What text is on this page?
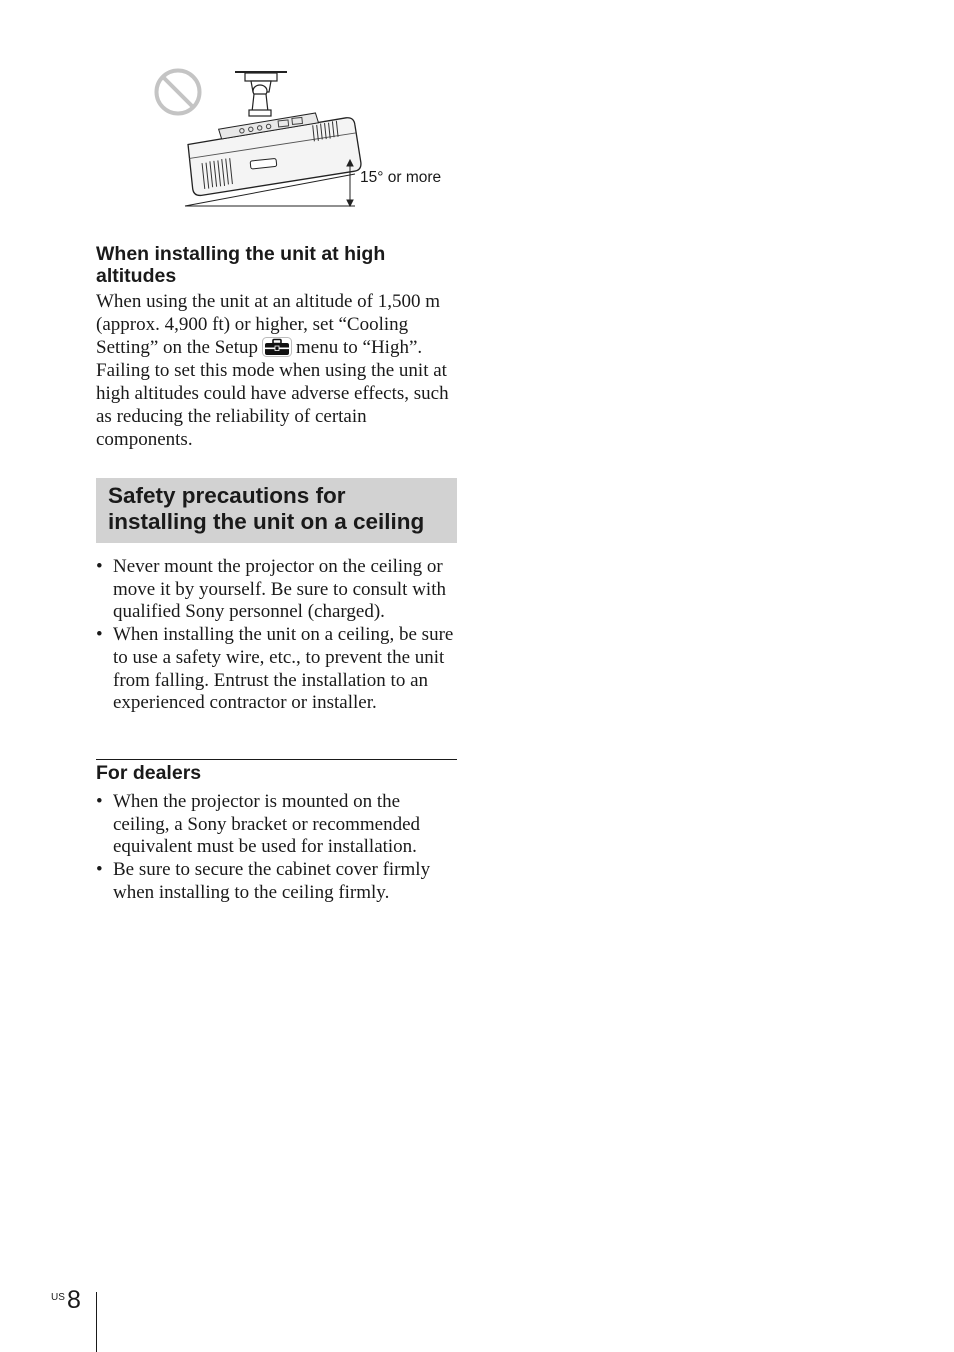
15° or more
When installing the unit at high altitudes

When using the unit at an altitude of 1,500 m (approx. 4,900 ft) or higher, set “Cooling Setting” on the Setup menu to “High”. Failing to set this mode when using the unit at high altitudes could have adverse effects, such as reducing the reliability of certain components.

Safety precautions for installing the unit on a ceiling
• Never mount the projector on the ceiling or move it by yourself. Be sure to consult with qualified Sony personnel (charged).
• When installing the unit on a ceiling, be sure to use a safety wire, etc., to prevent the unit from falling. Entrust the installation to an experienced contractor or installer.
For dealers
• When the projector is mounted on the ceiling, a Sony bracket or recommended equivalent must be used for installation.
• Be sure to secure the cabinet cover firmly when installing to the ceiling firmly.
US 8
